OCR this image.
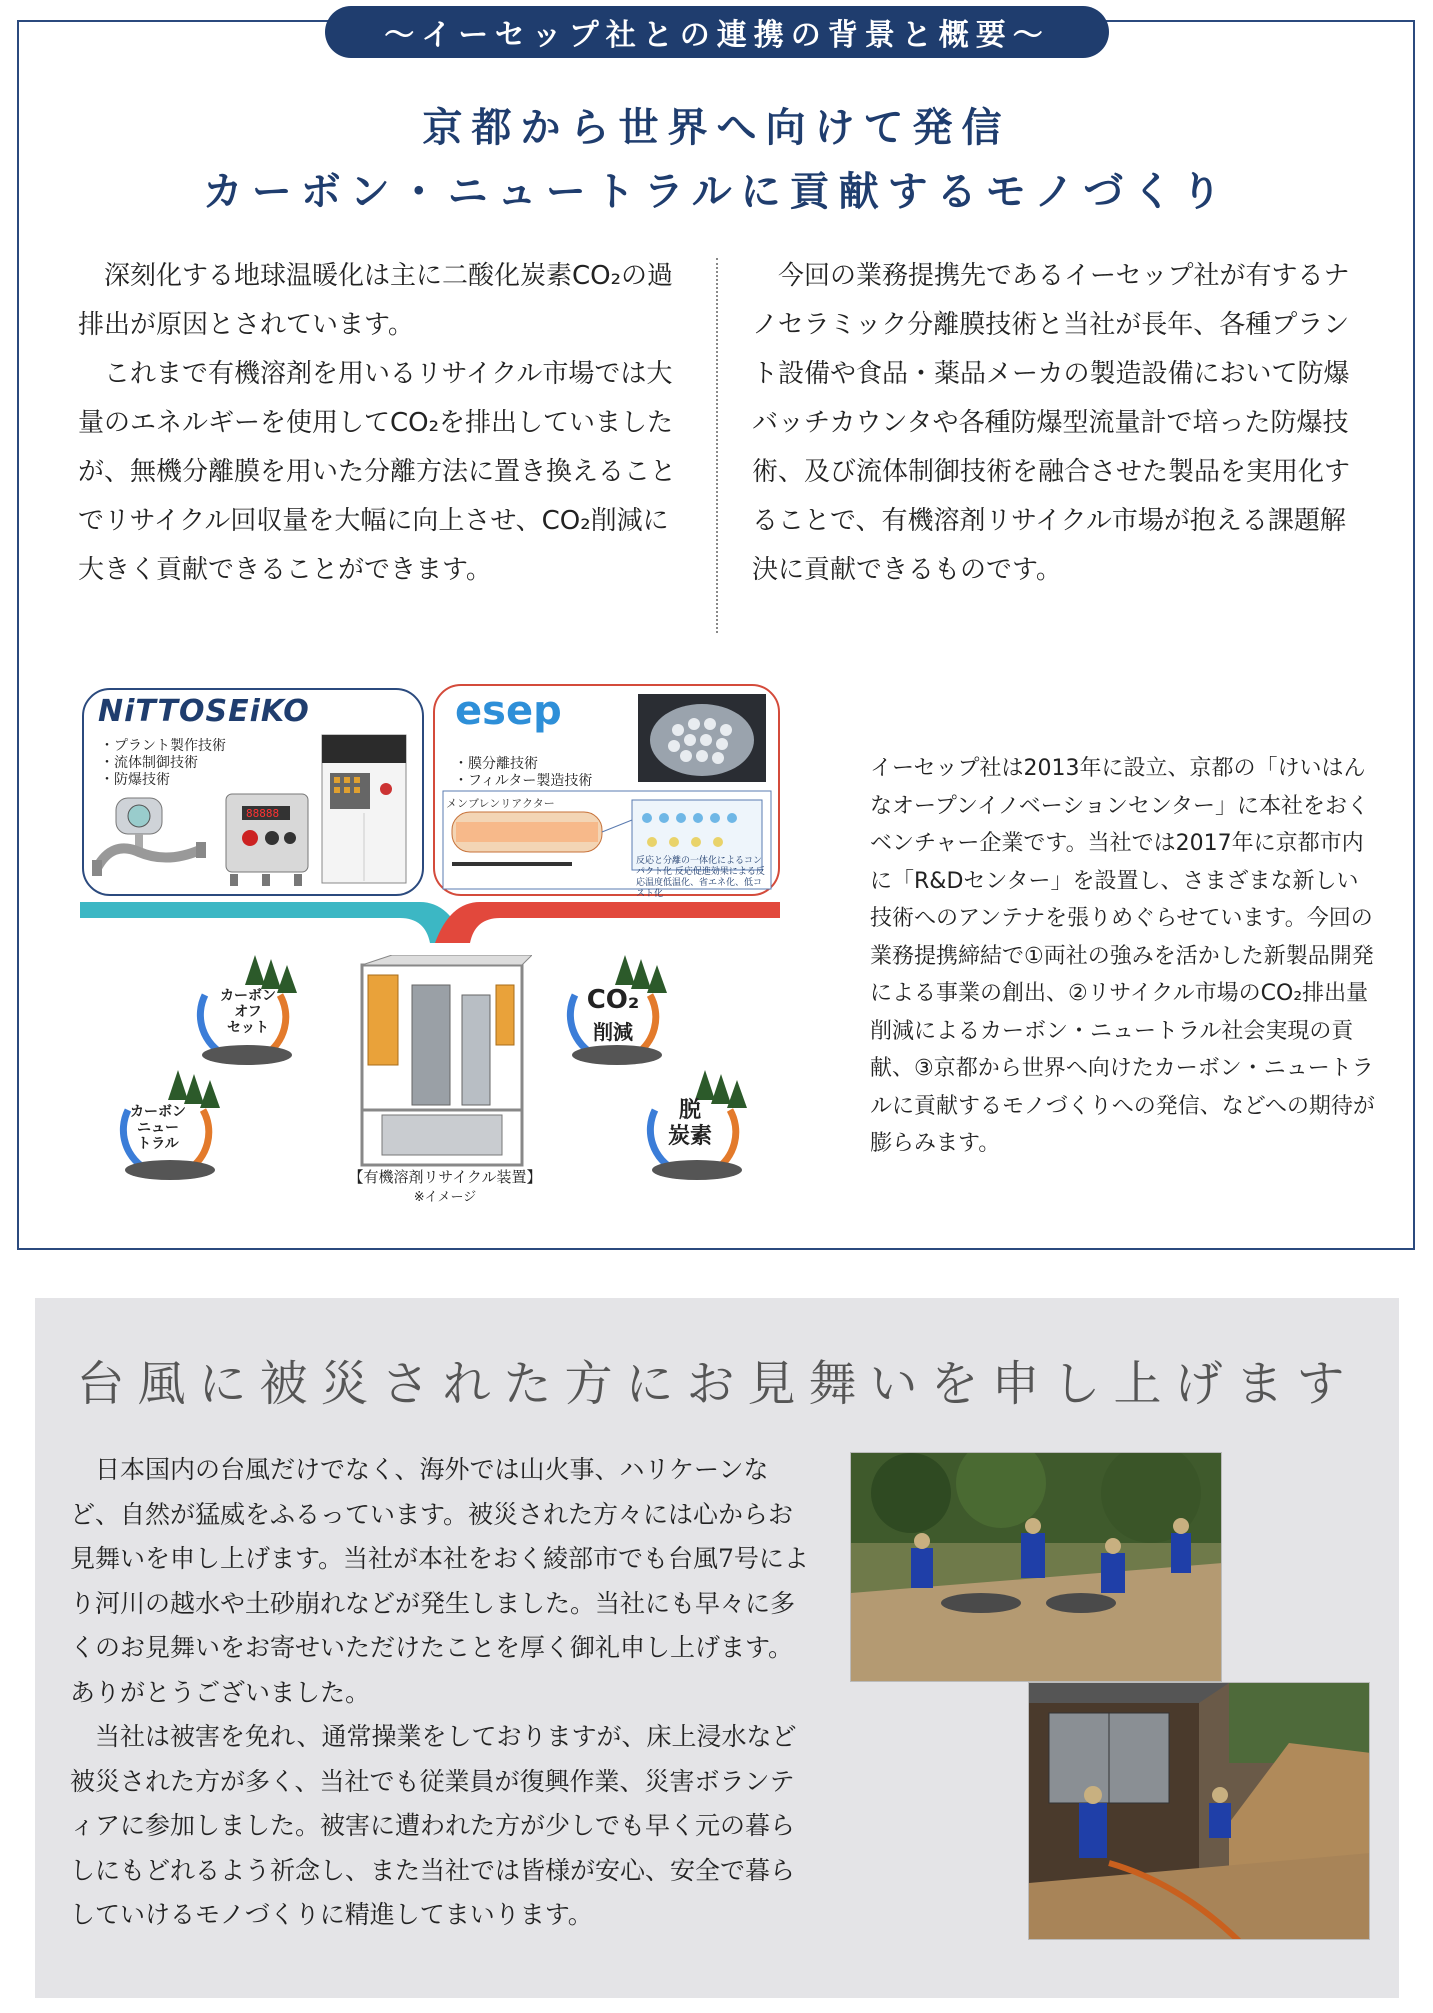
〜イーセップ社との連携の背景と概要〜
京都から世界へ向けて発信
カーボン・ニュートラルに貢献するモノづくり

深刻化する地球温暖化は主に二酸化炭素CO₂の過排出が原因とされています。

これまで有機溶剤を用いるリサイクル市場では大量のエネルギーを使用してCO₂を排出していましたが、無機分離膜を用いた分離方法に置き換えることでリサイクル回収量を大幅に向上させ、CO₂削減に大きく貢献できることができます。

今回の業務提携先であるイーセップ社が有するナノセラミック分離膜技術と当社が長年、各種プラント設備や食品・薬品メーカの製造設備において防爆バッチカウンタや各種防爆型流量計で培った防爆技術、及び流体制御技術を融合させた製品を実用化することで、有機溶剤リサイクル市場が抱える課題解決に貢献できるものです。

NiTTOSEiKO
・プラント製作技術
・流体制御技術
・防爆技術
88888
esep
・膜分離技術
・フィルター製造技術
メンブレンリアクター
反応と分離の一体化によるコンパクト化 反応促進効果による反応温度低温化、省エネ化、低コスト化
【有機溶剤リサイクル装置】
※イメージ
カーボン
オフ
セット
カーボン
ニュー
トラル
CO₂
削減
脱
炭素
イーセップ社は2013年に設立、京都の「けいはんなオープンイノベーションセンター」に本社をおくベンチャー企業です。当社では2017年に京都市内に「R&Dセンター」を設置し、さまざまな新しい技術へのアンテナを張りめぐらせています。今回の業務提携締結で①両社の強みを活かした新製品開発による事業の創出、②リサイクル市場のCO₂排出量削減によるカーボン・ニュートラル社会実現の貢献、③京都から世界へ向けたカーボン・ニュートラルに貢献するモノづくりへの発信、などへの期待が膨らみます。
台風に被災された方にお見舞いを申し上げます

日本国内の台風だけでなく、海外では山火事、ハリケーンなど、自然が猛威をふるっています。被災された方々には心からお見舞いを申し上げます。当社が本社をおく綾部市でも台風7号により河川の越水や土砂崩れなどが発生しました。当社にも早々に多くのお見舞いをお寄せいただけたことを厚く御礼申し上げます。ありがとうございました。

当社は被害を免れ、通常操業をしておりますが、床上浸水など被災された方が多く、当社でも従業員が復興作業、災害ボランティアに参加しました。被害に遭われた方が少しでも早く元の暮らしにもどれるよう祈念し、また当社では皆様が安心、安全で暮らしていけるモノづくりに精進してまいります。
